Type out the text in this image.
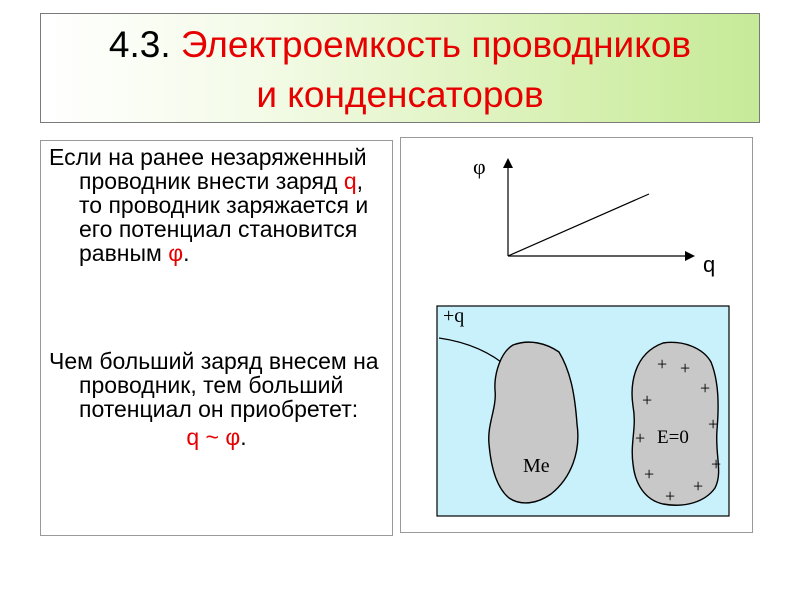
4.3. Электроемкость проводников
и конденсаторов
Если на ранее незаряженный проводник внести заряд q, то проводник заряжается и его потенциал становится равным φ.
Чем больший заряд внесем на проводник, тем больший потенциал он приобретет:
q ~ φ.
φ
q
+q
Me
E=0
+ +
+
+
+
+
+
+
+
+
